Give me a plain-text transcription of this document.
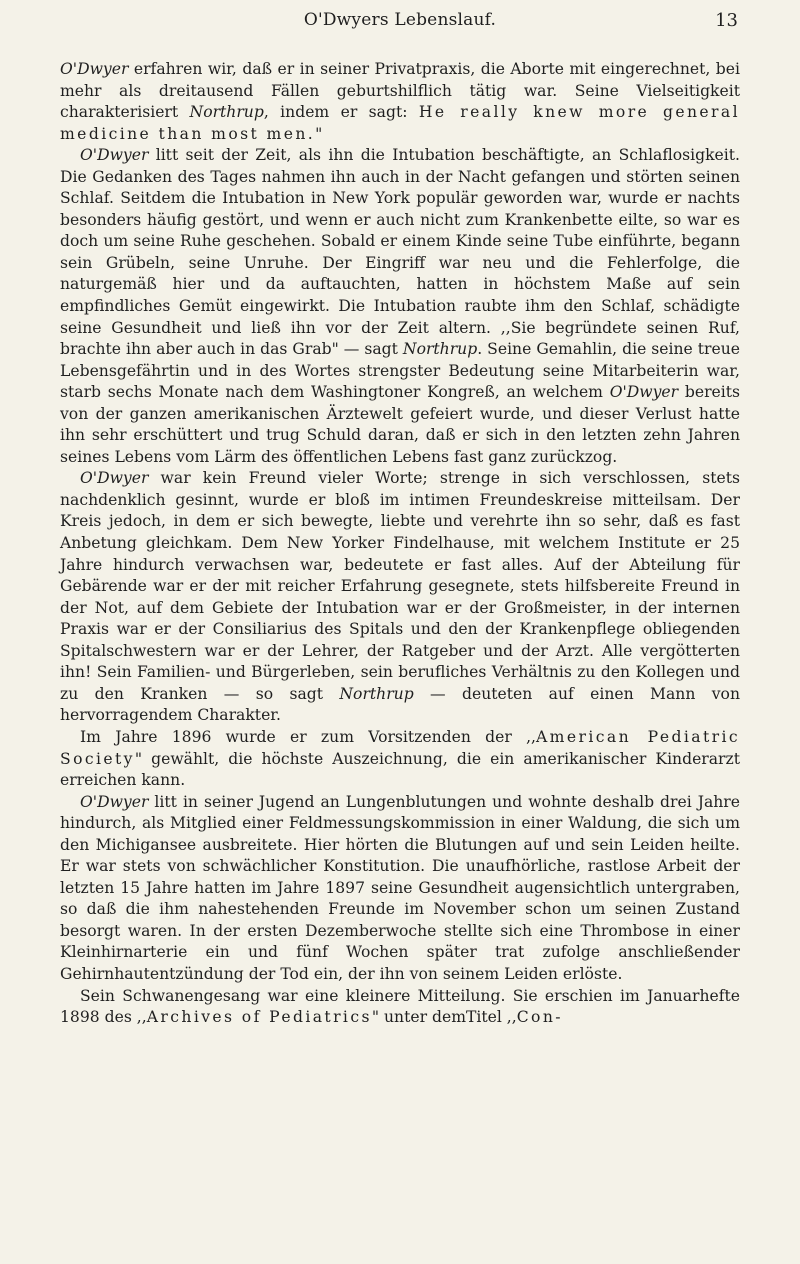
O'Dwyers Lebenslauf.	13

O'Dwyer erfahren wir, daß er in seiner Privatpraxis, die Aborte mit eingerechnet, bei mehr als dreitausend Fällen geburtshilflich tätig war. Seine Vielseitigkeit charakterisiert Northrup, indem er sagt: He really knew more general medicine than most men."

O'Dwyer litt seit der Zeit, als ihn die Intubation beschäftigte, an Schlaflosigkeit. Die Gedanken des Tages nahmen ihn auch in der Nacht gefangen und störten seinen Schlaf. Seitdem die Intubation in New York populär geworden war, wurde er nachts besonders häufig gestört, und wenn er auch nicht zum Krankenbette eilte, so war es doch um seine Ruhe geschehen. Sobald er einem Kinde seine Tube einführte, begann sein Grübeln, seine Unruhe. Der Eingriff war neu und die Fehlerfolge, die naturgemäß hier und da auftauchten, hatten in höchstem Maße auf sein empfindliches Gemüt eingewirkt. Die Intubation raubte ihm den Schlaf, schädigte seine Gesundheit und ließ ihn vor der Zeit altern. ,,Sie begründete seinen Ruf, brachte ihn aber auch in das Grab" — sagt Northrup. Seine Gemahlin, die seine treue Lebensgefährtin und in des Wortes strengster Bedeutung seine Mitarbeiterin war, starb sechs Monate nach dem Washingtoner Kongreß, an welchem O'Dwyer bereits von der ganzen amerikanischen Ärztewelt gefeiert wurde, und dieser Verlust hatte ihn sehr erschüttert und trug Schuld daran, daß er sich in den letzten zehn Jahren seines Lebens vom Lärm des öffentlichen Lebens fast ganz zurückzog.

O'Dwyer war kein Freund vieler Worte; strenge in sich verschlossen, stets nachdenklich gesinnt, wurde er bloß im intimen Freundeskreise mitteilsam. Der Kreis jedoch, in dem er sich bewegte, liebte und verehrte ihn so sehr, daß es fast Anbetung gleichkam. Dem New Yorker Findelhause, mit welchem Institute er 25 Jahre hindurch verwachsen war, bedeutete er fast alles. Auf der Abteilung für Gebärende war er der mit reicher Erfahrung gesegnete, stets hilfsbereite Freund in der Not, auf dem Gebiete der Intubation war er der Großmeister, in der internen Praxis war er der Consiliarius des Spitals und den der Krankenpflege obliegenden Spitalschwestern war er der Lehrer, der Ratgeber und der Arzt. Alle vergötterten ihn! Sein Familien- und Bürgerleben, sein berufliches Verhältnis zu den Kollegen und zu den Kranken — so sagt Northrup — deuteten auf einen Mann von hervorragendem Charakter.

Im Jahre 1896 wurde er zum Vorsitzenden der ,,American Pediatric Society" gewählt, die höchste Auszeichnung, die ein amerikanischer Kinderarzt erreichen kann.

O'Dwyer litt in seiner Jugend an Lungenblutungen und wohnte deshalb drei Jahre hindurch, als Mitglied einer Feldmessungskommission in einer Waldung, die sich um den Michigansee ausbreitete. Hier hörten die Blutungen auf und sein Leiden heilte. Er war stets von schwächlicher Konstitution. Die unaufhörliche, rastlose Arbeit der letzten 15 Jahre hatten im Jahre 1897 seine Gesundheit augensichtlich untergraben, so daß die ihm nahestehenden Freunde im November schon um seinen Zustand besorgt waren. In der ersten Dezemberwoche stellte sich eine Thrombose in einer Kleinhirnarterie ein und fünf Wochen später trat zufolge anschließender Gehirnhautentzündung der Tod ein, der ihn von seinem Leiden erlöste.

Sein Schwanengesang war eine kleinere Mitteilung. Sie erschien im Januarhefte 1898 des ,,Archives of Pediatrics" unter demTitel ,,Con-
